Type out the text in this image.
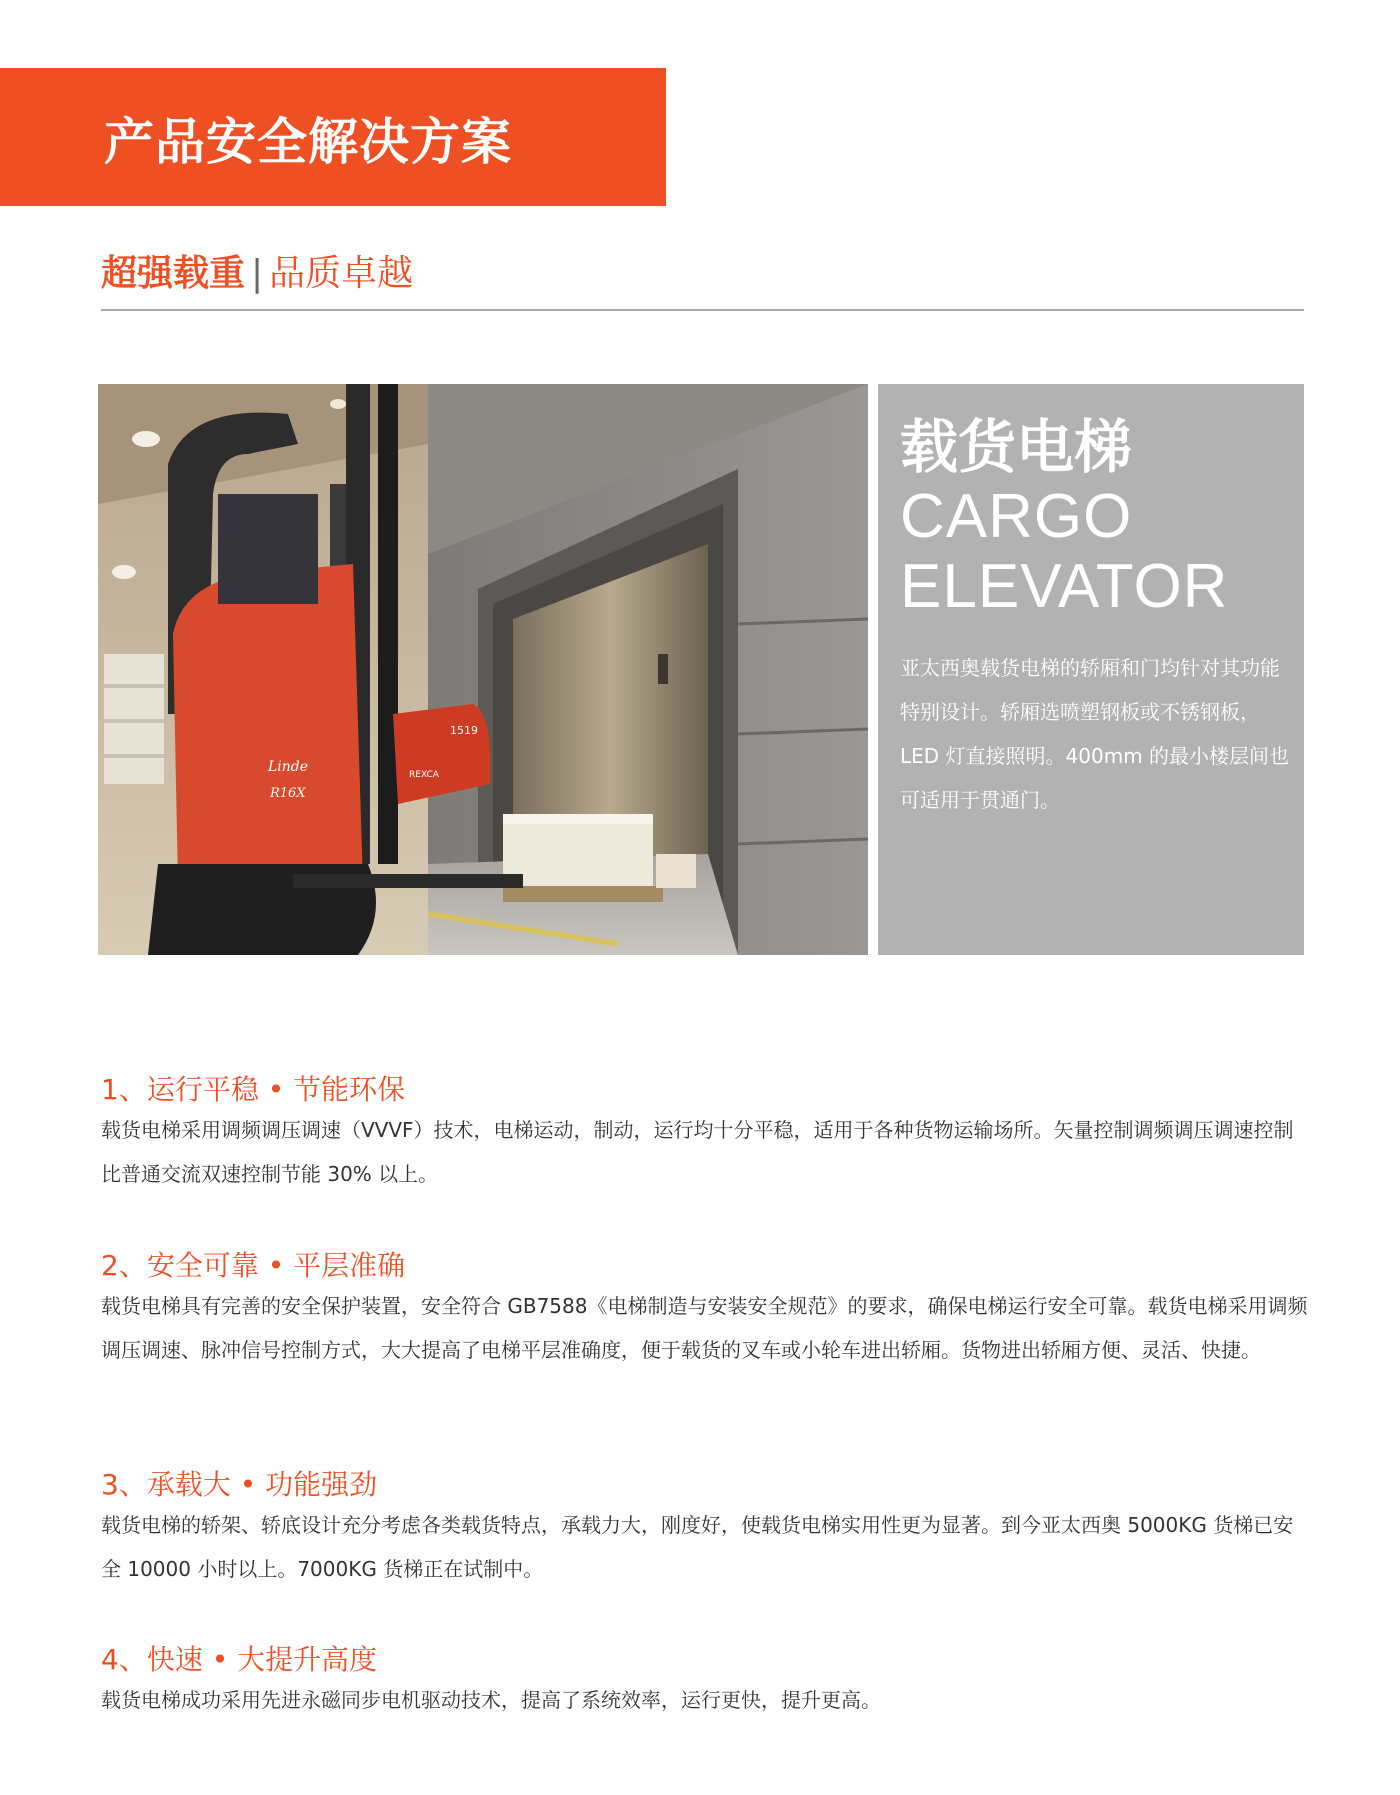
产品安全解决方案
超强载重 | 品质卓越
1519
Linde
R16X
REXCA
载货电梯
CARGO
ELEVATOR
亚太西奥载货电梯的轿厢和门均针对其功能特别设计。轿厢选喷塑钢板或不锈钢板，LED 灯直接照明。400mm 的最小楼层间也可适用于贯通门。
1、运行平稳 • 节能环保
载货电梯采用调频调压调速（VVVF）技术，电梯运动，制动，运行均十分平稳，适用于各种货物运输场所。矢量控制调频调压调速控制比普通交流双速控制节能 30% 以上。
2、安全可靠 • 平层准确
载货电梯具有完善的安全保护装置，安全符合 GB7588《电梯制造与安装安全规范》的要求，确保电梯运行安全可靠。载货电梯采用调频调压调速、脉冲信号控制方式，大大提高了电梯平层准确度，便于载货的叉车或小轮车进出轿厢。货物进出轿厢方便、灵活、快捷。
3、承载大 • 功能强劲
载货电梯的轿架、轿底设计充分考虑各类载货特点，承载力大，刚度好，使载货电梯实用性更为显著。到今亚太西奥 5000KG 货梯已安全 10000 小时以上。7000KG 货梯正在试制中。
4、快速 • 大提升高度
载货电梯成功采用先进永磁同步电机驱动技术，提高了系统效率，运行更快，提升更高。
